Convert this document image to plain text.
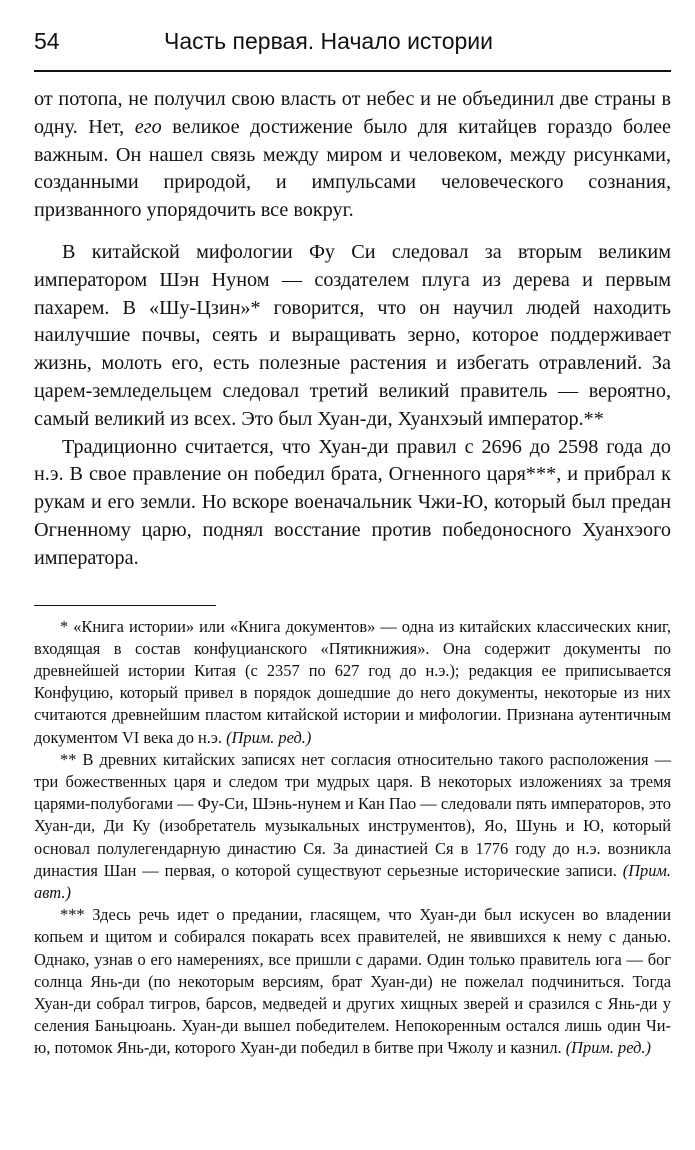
54	Часть первая. Начало истории

от потопа, не получил свою власть от небес и не объединил две страны в одну. Нет, его великое достижение было для китайцев гораздо более важным. Он нашел связь между миром и человеком, между рисунками, созданными природой, и импульсами человеческого сознания, призванного упорядочить все вокруг.

В китайской мифологии Фу Си следовал за вторым великим императором Шэн Нуном — создателем плуга из дерева и первым пахарем. В «Шу-Цзин»* говорится, что он научил людей находить наилучшие почвы, сеять и выращивать зерно, которое поддерживает жизнь, молоть его, есть полезные растения и избегать отравлений. За царем-земледельцем следовал третий великий правитель — вероятно, самый великий из всех. Это был Хуан-ди, Хуанхэый император.**

Традиционно считается, что Хуан-ди правил с 2696 до 2598 года до н.э. В свое правление он победил брата, Огненного царя***, и прибрал к рукам и его земли. Но вскоре военачальник Чжи-Ю, который был предан Огненному царю, поднял восстание против победоносного Хуанхэого императора.

* «Книга истории» или «Книга документов» — одна из китайских классических книг, входящая в состав конфуцианского «Пятикнижия». Она содержит документы по древнейшей истории Китая (с 2357 по 627 год до н.э.); редакция ее приписывается Конфуцию, который привел в порядок дошедшие до него документы, некоторые из них считаются древнейшим пластом китайской истории и мифологии. Признана аутентичным документом VI века до н.э. (Прим. ред.)

** В древних китайских записях нет согласия относительно такого расположения — три божественных царя и следом три мудрых царя. В некоторых изложениях за тремя царями-полубогами — Фу-Си, Шэнь-нунем и Кан Пао — следовали пять императоров, это Хуан-ди, Ди Ку (изобретатель музыкальных инструментов), Яо, Шунь и Ю, который основал полулегендарную династию Ся. За династией Ся в 1776 году до н.э. возникла династия Шан — первая, о которой существуют серьезные исторические записи. (Прим. авт.)

*** Здесь речь идет о предании, гласящем, что Хуан-ди был искусен во владении копьем и щитом и собирался покарать всех правителей, не явившихся к нему с данью. Однако, узнав о его намерениях, все пришли с дарами. Один только правитель юга — бог солнца Янь-ди (по некоторым версиям, брат Хуан-ди) не пожелал подчиниться. Тогда Хуан-ди собрал тигров, барсов, медведей и других хищных зверей и сразился с Янь-ди у селения Баньцюань. Хуан-ди вышел победителем. Непокоренным остался лишь один Чи-ю, потомок Янь-ди, которого Хуан-ди победил в битве при Чжолу и казнил. (Прим. ред.)
